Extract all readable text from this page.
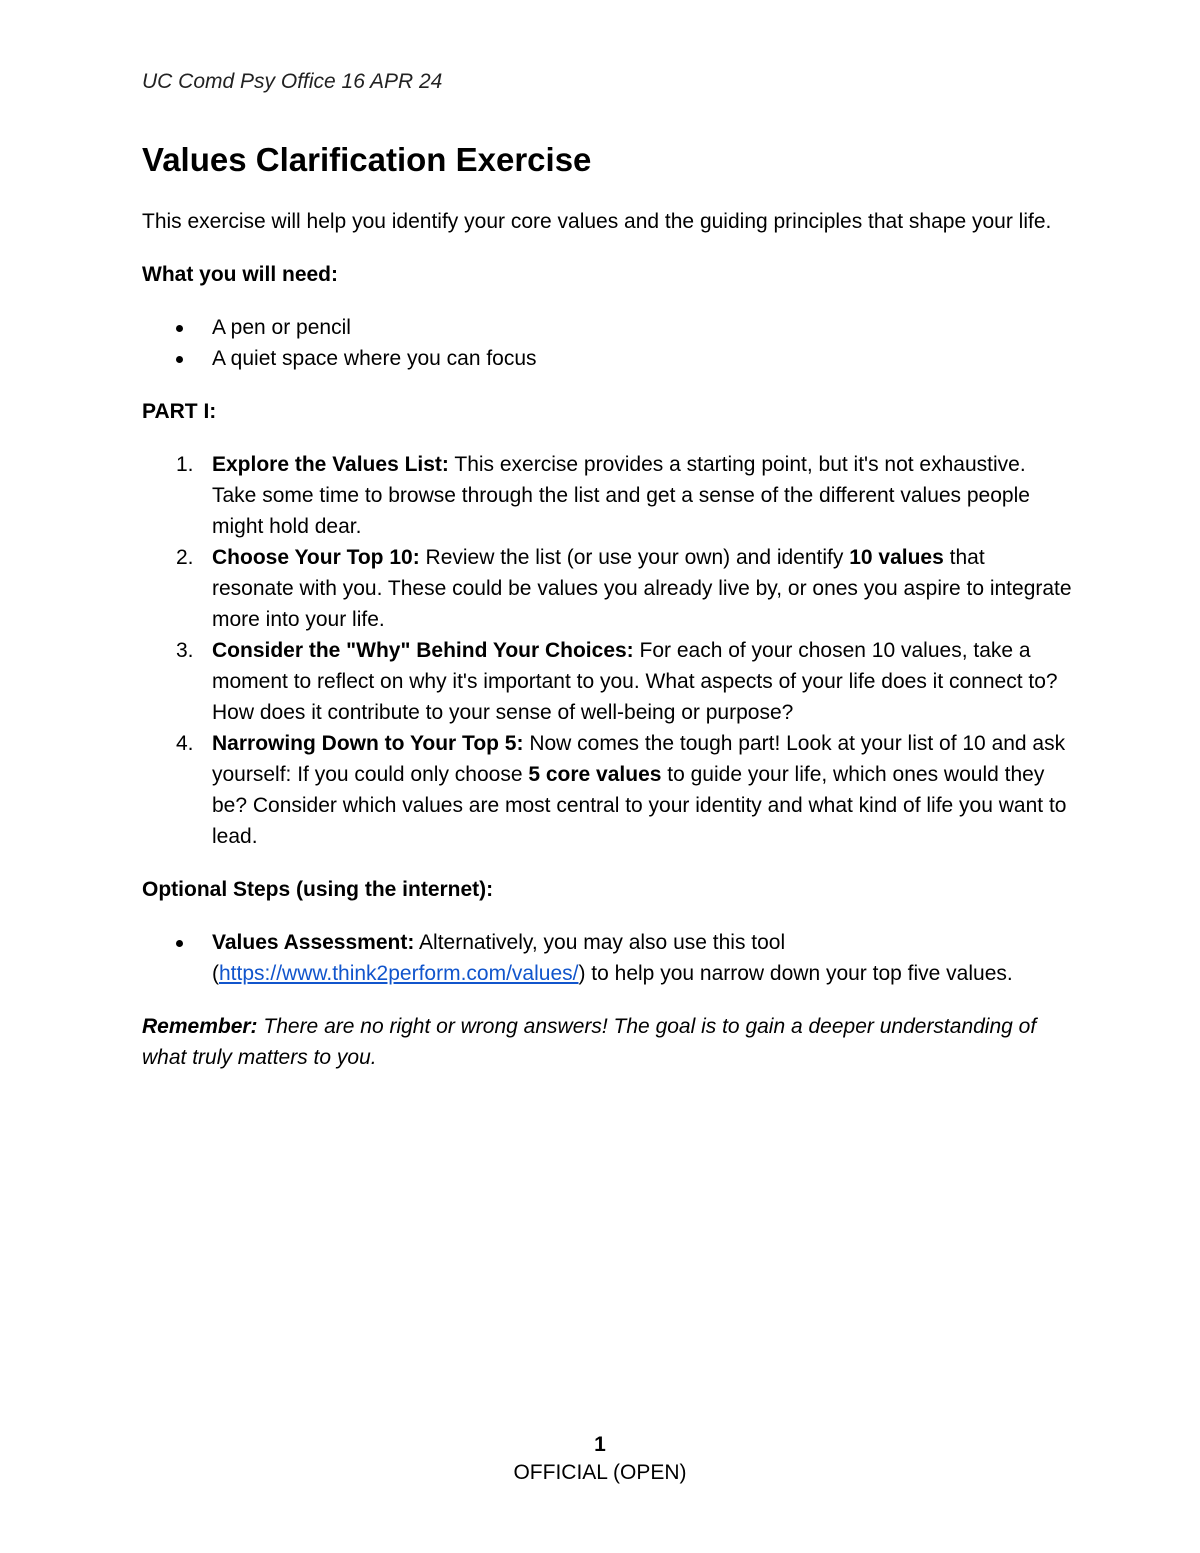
UC Comd Psy Office 16 APR 24
Values Clarification Exercise

This exercise will help you identify your core values and the guiding principles that shape your life.

What you will need:

A pen or pencil
A quiet space where you can focus

PART I:

1. Explore the Values List: This exercise provides a starting point, but it's not exhaustive. Take some time to browse through the list and get a sense of the different values people might hold dear.
2. Choose Your Top 10: Review the list (or use your own) and identify 10 values that resonate with you. These could be values you already live by, or ones you aspire to integrate more into your life.
3. Consider the "Why" Behind Your Choices: For each of your chosen 10 values, take a moment to reflect on why it's important to you. What aspects of your life does it connect to? How does it contribute to your sense of well-being or purpose?
4. Narrowing Down to Your Top 5: Now comes the tough part! Look at your list of 10 and ask yourself: If you could only choose 5 core values to guide your life, which ones would they be? Consider which values are most central to your identity and what kind of life you want to lead.

Optional Steps (using the internet):

Values Assessment: Alternatively, you may also use this tool (https://www.think2perform.com/values/) to help you narrow down your top five values.

Remember: There are no right or wrong answers! The goal is to gain a deeper understanding of what truly matters to you.

1
OFFICIAL (OPEN)
